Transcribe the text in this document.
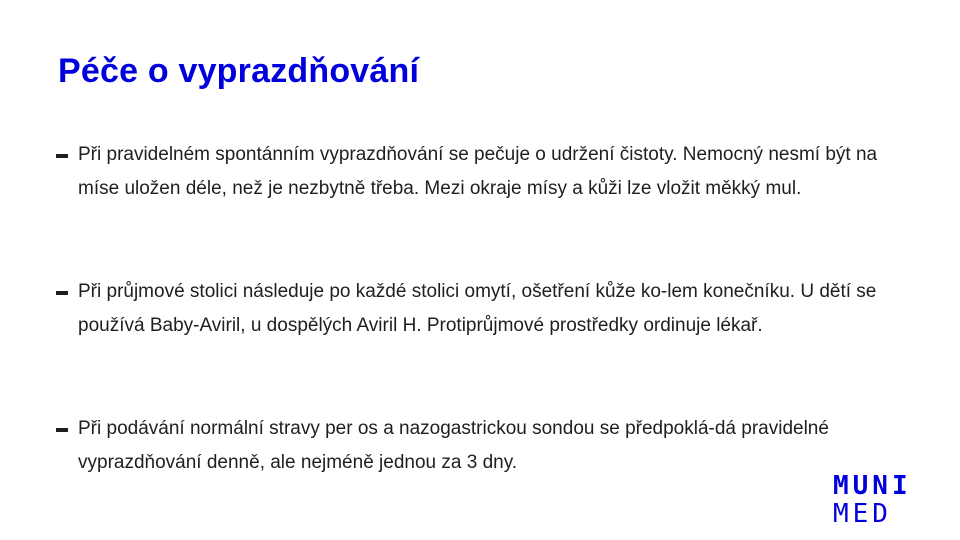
Péče o vyprazdňování
Při pravidelném spontánním vyprazdňování se pečuje o udržení čistoty. Nemocný nesmí být na míse uložen déle, než je nezbytně třeba. Mezi okraje mísy a kůži lze vložit měkký mul.
Při průjmové stolici následuje po každé stolici omytí, ošetření kůže ko-lem konečníku. U dětí se používá Baby-Aviril, u dospělých Aviril H. Protiprůjmové prostředky ordinuje lékař.
Při podávání normální stravy per os a nazogastrickou sondou se předpoklá-dá pravidelné vyprazdňování denně, ale nejméně jednou za 3 dny.
MUNI
MED
